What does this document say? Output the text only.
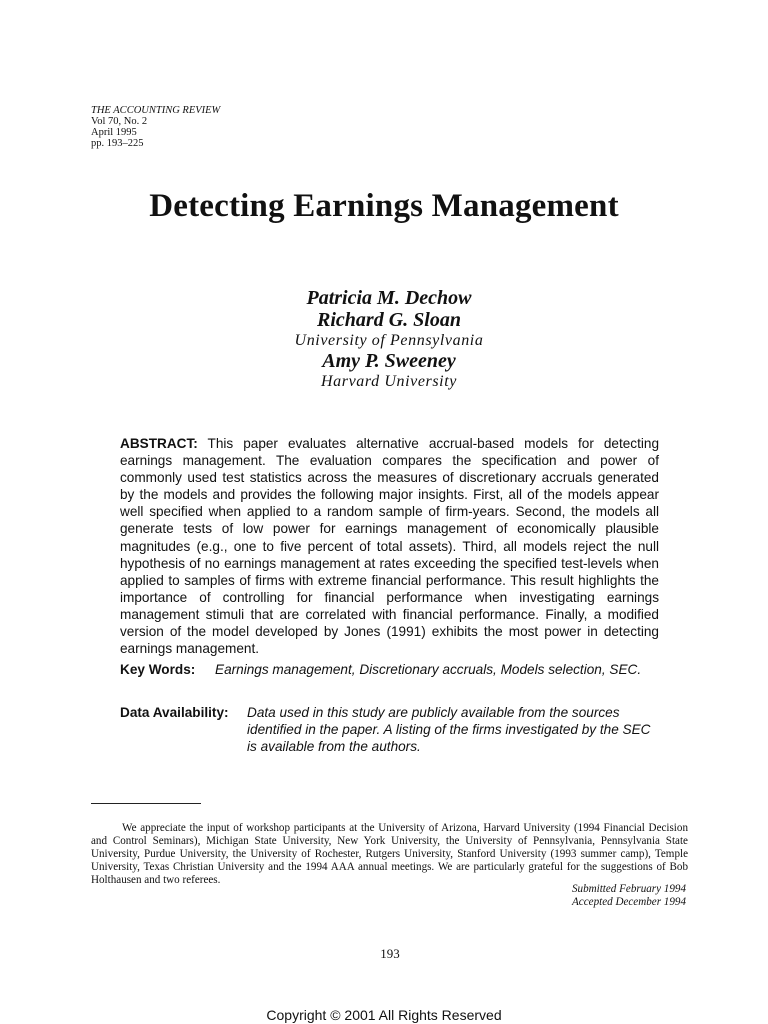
THE ACCOUNTING REVIEW
Vol 70, No. 2
April 1995
pp. 193–225
Detecting Earnings Management
Patricia M. Dechow
Richard G. Sloan
University of Pennsylvania
Amy P. Sweeney
Harvard University
ABSTRACT: This paper evaluates alternative accrual-based models for detecting earnings management. The evaluation compares the specification and power of commonly used test statistics across the measures of discretionary accruals generated by the models and provides the following major insights. First, all of the models appear well specified when applied to a random sample of firm-years. Second, the models all generate tests of low power for earnings management of economically plausible magnitudes (e.g., one to five percent of total assets). Third, all models reject the null hypothesis of no earnings management at rates exceeding the specified test-levels when applied to samples of firms with extreme financial performance. This result highlights the importance of controlling for financial performance when investigating earnings management stimuli that are correlated with financial performance. Finally, a modified version of the model developed by Jones (1991) exhibits the most power in detecting earnings management.
Key Words: Earnings management, Discretionary accruals, Models selection, SEC.
Data Availability: Data used in this study are publicly available from the sources identified in the paper. A listing of the firms investigated by the SEC is available from the authors.
We appreciate the input of workshop participants at the University of Arizona, Harvard University (1994 Financial Decision and Control Seminars), Michigan State University, New York University, the University of Pennsylvania, Pennsylvania State University, Purdue University, the University of Rochester, Rutgers University, Stanford University (1993 summer camp), Temple University, Texas Christian University and the 1994 AAA annual meetings. We are particularly grateful for the suggestions of Bob Holthausen and two referees.
Submitted February 1994
Accepted December 1994
193
Copyright © 2001 All Rights Reserved
